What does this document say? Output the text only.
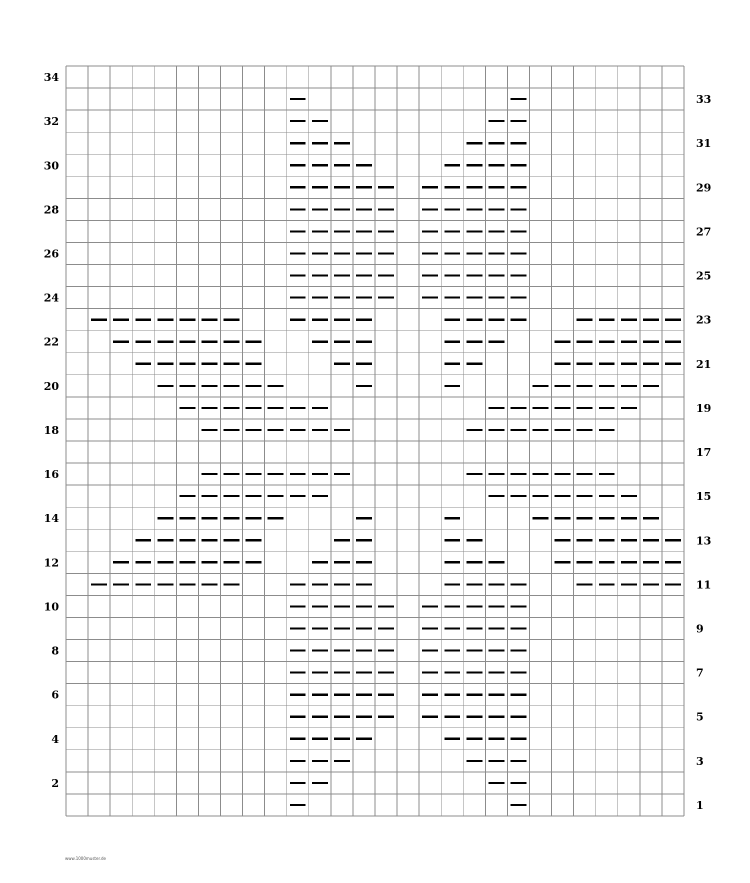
34
32
30
28
26
24
22
20
18
16
14
12
10
8
6
4
2
33
31
29
27
25
23
21
19
17
15
13
11
9
7
5
3
1
www.1000muster.de
